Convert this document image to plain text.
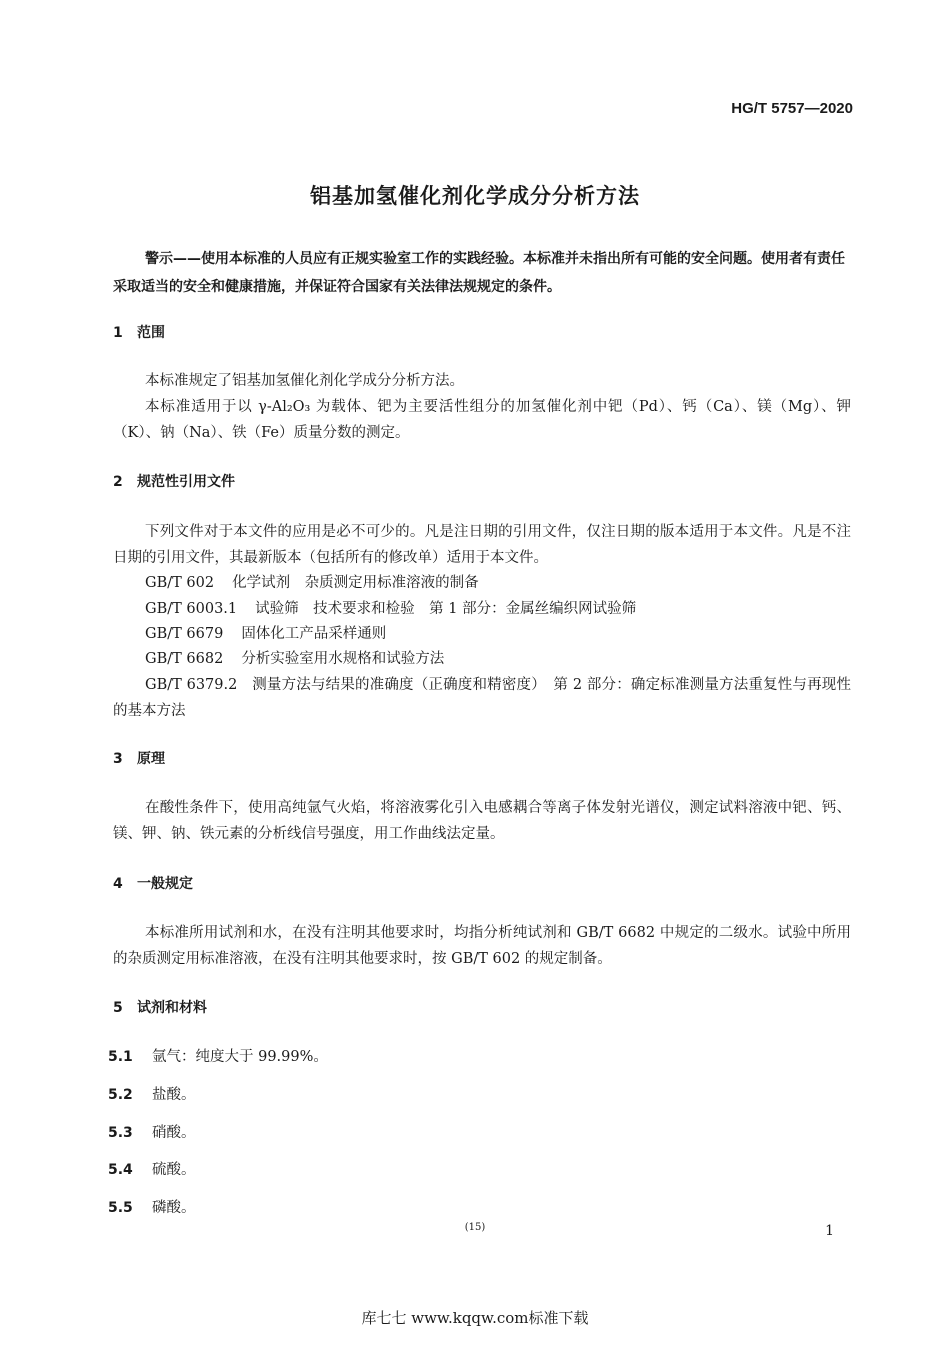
HG/T 5757—2020
铝基加氢催化剂化学成分分析方法
警示——使用本标准的人员应有正规实验室工作的实践经验。本标准并未指出所有可能的安全问题。使用者有责任采取适当的安全和健康措施，并保证符合国家有关法律法规规定的条件。
1 范围
本标准规定了铝基加氢催化剂化学成分分析方法。
本标准适用于以 γ-Al₂O₃ 为载体、钯为主要活性组分的加氢催化剂中钯（Pd）、钙（Ca）、镁（Mg）、钾（K）、钠（Na）、铁（Fe）质量分数的测定。
2 规范性引用文件
下列文件对于本文件的应用是必不可少的。凡是注日期的引用文件，仅注日期的版本适用于本文件。凡是不注日期的引用文件，其最新版本（包括所有的修改单）适用于本文件。
GB/T 602 化学试剂　杂质测定用标准溶液的制备
GB/T 6003.1 试验筛　技术要求和检验　第 1 部分：金属丝编织网试验筛
GB/T 6679 固体化工产品采样通则
GB/T 6682 分析实验室用水规格和试验方法
GB/T 6379.2　 测量方法与结果的准确度（正确度和精密度）　第 2 部分：确定标准测量方法重复性与再现性的基本方法
3 原理
在酸性条件下，使用高纯氩气火焰，将溶液雾化引入电感耦合等离子体发射光谱仪，测定试料溶液中钯、钙、镁、钾、钠、铁元素的分析线信号强度，用工作曲线法定量。
4 一般规定
本标准所用试剂和水，在没有注明其他要求时，均指分析纯试剂和 GB/T 6682 中规定的二级水。试验中所用的杂质测定用标准溶液，在没有注明其他要求时，按 GB/T 602 的规定制备。
5 试剂和材料
5.1 氩气：纯度大于 99.99%。
5.2 盐酸。
5.3 硝酸。
5.4 硫酸。
5.5 磷酸。
(15)	1
库七七 www.kqqw.com标准下载
